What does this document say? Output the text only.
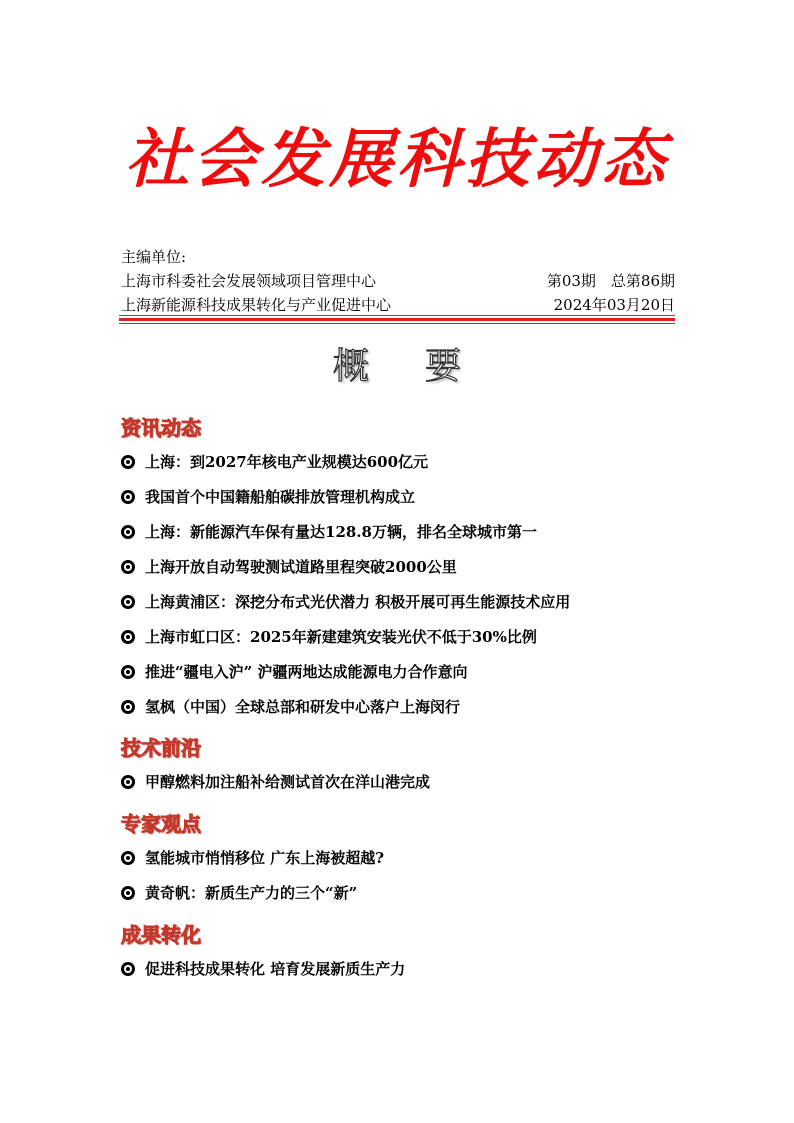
社会发展科技动态
主编单位:
上海市科委社会发展领域项目管理中心	第03期　总第86期
上海新能源科技成果转化与产业促进中心	2024年03月20日
概要
资讯动态
上海：到2027年核电产业规模达600亿元
我国首个中国籍船舶碳排放管理机构成立
上海：新能源汽车保有量达128.8万辆，排名全球城市第一
上海开放自动驾驶测试道路里程突破2000公里
上海黄浦区：深挖分布式光伏潜力 积极开展可再生能源技术应用
上海市虹口区：2025年新建建筑安装光伏不低于30%比例
推进“疆电入沪” 沪疆两地达成能源电力合作意向
氢枫（中国）全球总部和研发中心落户上海闵行
技术前沿
甲醇燃料加注船补给测试首次在洋山港完成
专家观点
氢能城市悄悄移位 广东上海被超越?
黄奇帆：新质生产力的三个“新”
成果转化
促进科技成果转化 培育发展新质生产力
